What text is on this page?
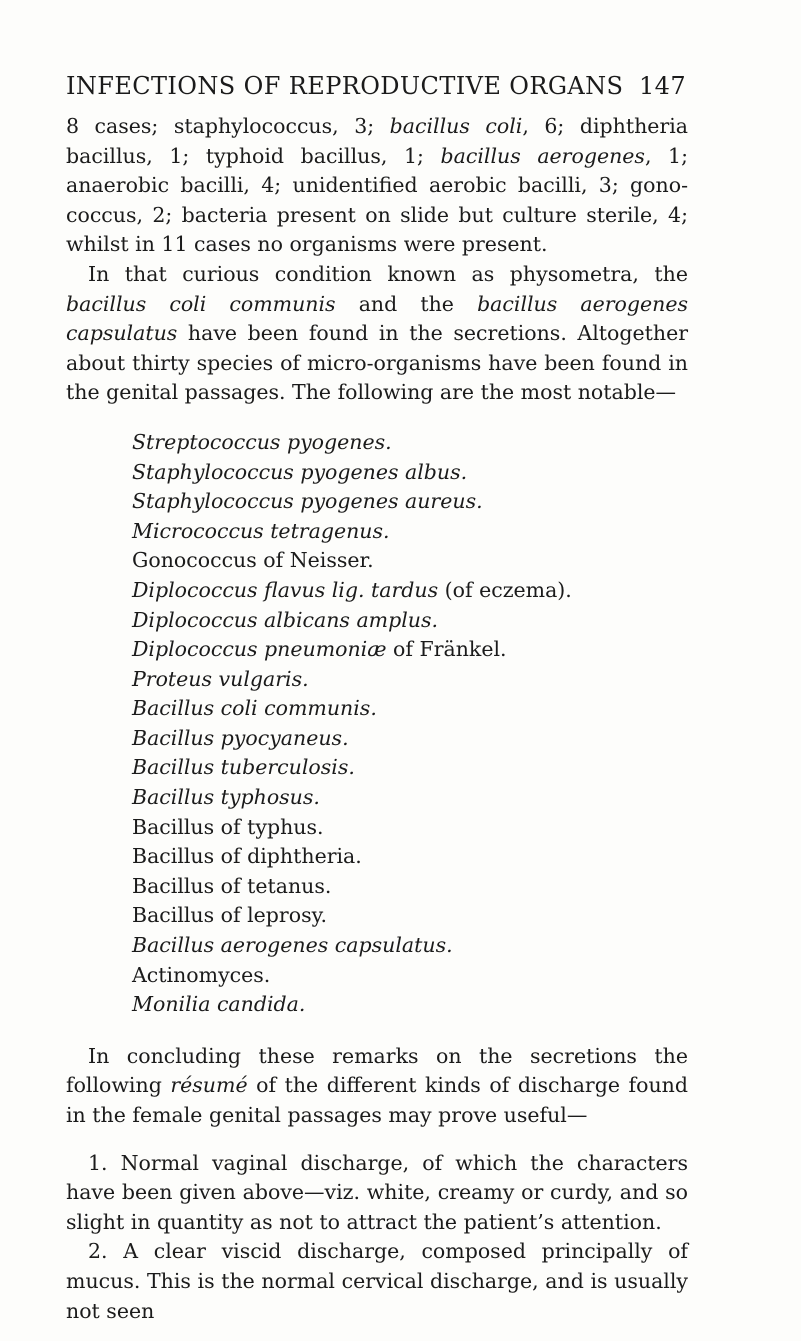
INFECTIONS OF REPRODUCTIVE ORGANS 147

8 cases; staphylococcus, 3; bacillus coli, 6; diphtheria bacillus, 1; typhoid bacillus, 1; bacillus aerogenes, 1; anaerobic bacilli, 4; unidentified aerobic bacilli, 3; gonococcus, 2; bacteria present on slide but culture sterile, 4; whilst in 11 cases no organisms were present.

In that curious condition known as physometra, the bacillus coli communis and the bacillus aerogenes capsulatus have been found in the secretions. Altogether about thirty species of micro-organisms have been found in the genital passages. The following are the most notable—

Streptococcus pyogenes.
Staphylococcus pyogenes albus.
Staphylococcus pyogenes aureus.
Micrococcus tetragenus.
Gonococcus of Neisser.
Diplococcus flavus lig. tardus (of eczema).
Diplococcus albicans amplus.
Diplococcus pneumoniæ of Fränkel.
Proteus vulgaris.
Bacillus coli communis.
Bacillus pyocyaneus.
Bacillus tuberculosis.
Bacillus typhosus.
Bacillus of typhus.
Bacillus of diphtheria.
Bacillus of tetanus.
Bacillus of leprosy.
Bacillus aerogenes capsulatus.
Actinomyces.
Monilia candida.

In concluding these remarks on the secretions the following résumé of the different kinds of discharge found in the female genital passages may prove useful—

1. Normal vaginal discharge, of which the characters have been given above—viz. white, creamy or curdy, and so slight in quantity as not to attract the patient’s attention.

2. A clear viscid discharge, composed principally of mucus. This is the normal cervical discharge, and is usually not seen
